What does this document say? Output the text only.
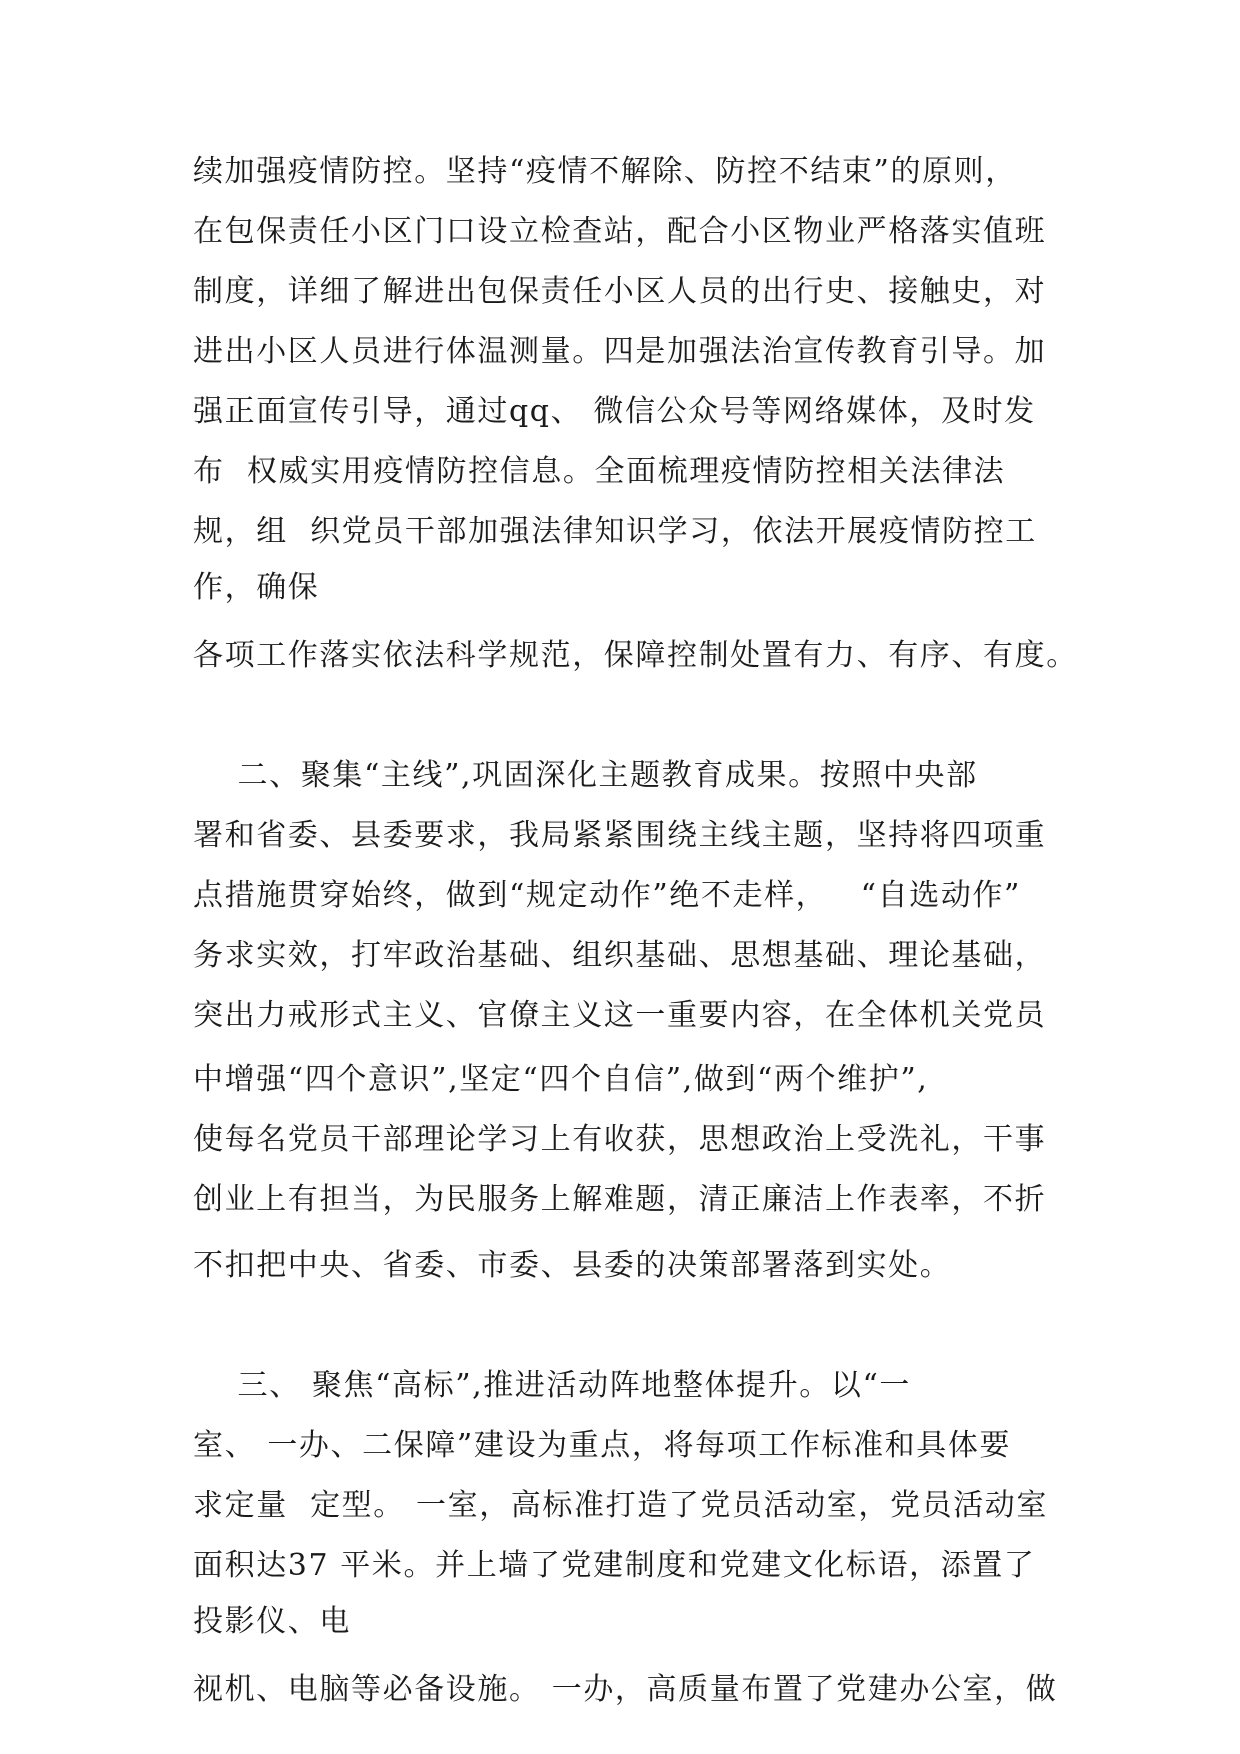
续加强疫情防控。坚持“疫情不解除、防控不结束”的原则，
在包保责任小区门口设立检查站，配合小区物业严格落实值班
制度，详细了解进出包保责任小区人员的出行史、接触史，对
进出小区人员进行体温测量。四是加强法治宣传教育引导。加
强正面宣传引导，通过qq、 微信公众号等网络媒体，及时发
布  权威实用疫情防控信息。全面梳理疫情防控相关法律法
规，组  织党员干部加强法律知识学习，依法开展疫情防控工
作，确保
各项工作落实依法科学规范，保障控制处置有力、有序、有度。
二、聚集“主线”,巩固深化主题教育成果。按照中央部
署和省委、县委要求，我局紧紧围绕主线主题，坚持将四项重
点措施贯穿始终，做到“规定动作”绝不走样，   “自选动作”
务求实效，打牢政治基础、组织基础、思想基础、理论基础，
突出力戒形式主义、官僚主义这一重要内容，在全体机关党员
中增强“四个意识”,坚定“四个自信”,做到“两个维护”,
使每名党员干部理论学习上有收获，思想政治上受洗礼，干事
创业上有担当，为民服务上解难题，清正廉洁上作表率，不折
不扣把中央、省委、市委、县委的决策部署落到实处。
三、 聚焦“高标”,推进活动阵地整体提升。以“一
室、 一办、二保障”建设为重点，将每项工作标准和具体要
求定量  定型。 一室，高标准打造了党员活动室，党员活动室
面积达37 平米。并上墙了党建制度和党建文化标语，添置了
投影仪、电
视机、电脑等必备设施。 一办，高质量布置了党建办公室，做
